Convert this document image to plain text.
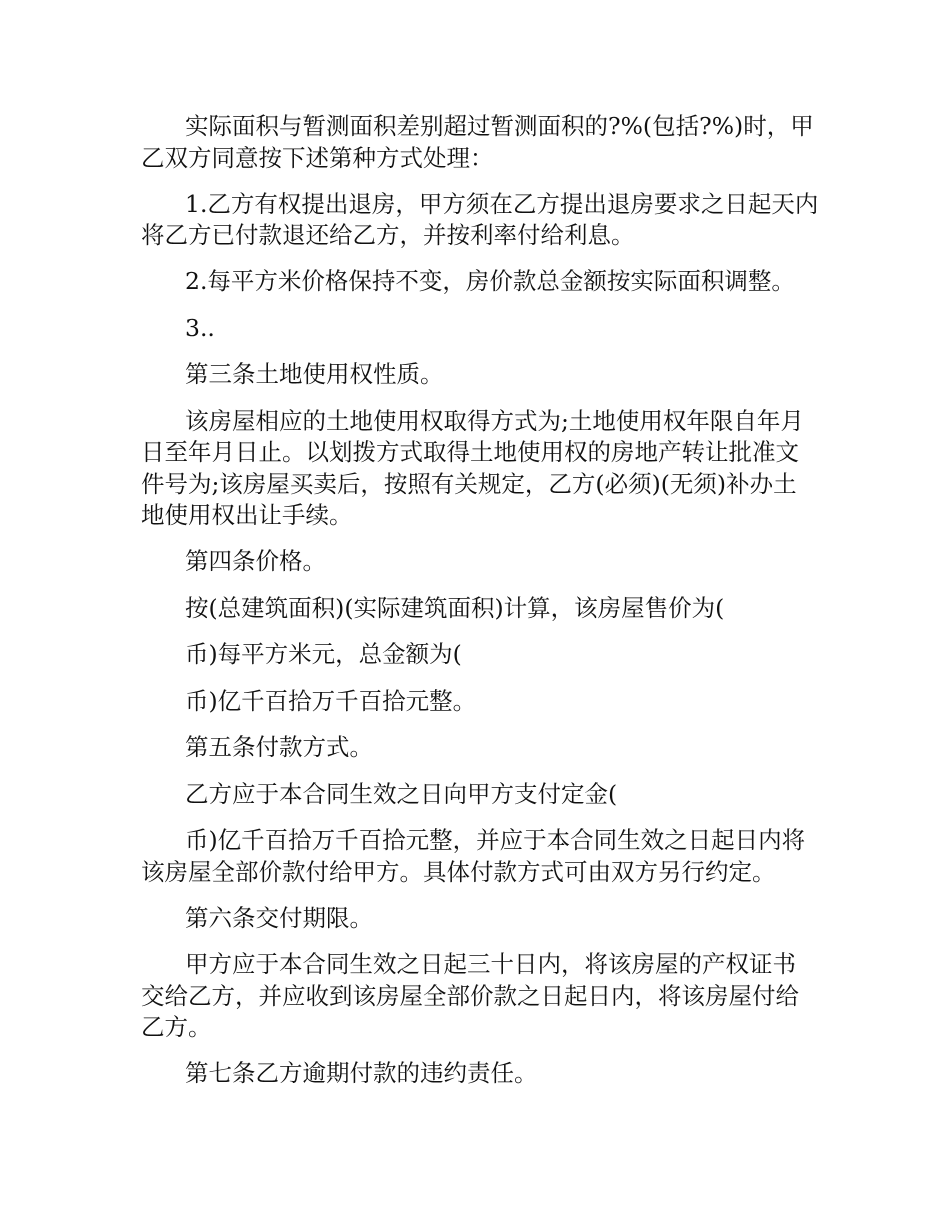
实际面积与暂测面积差别超过暂测面积的?%(包括?%)时，甲乙双方同意按下述第种方式处理：

1.乙方有权提出退房，甲方须在乙方提出退房要求之日起天内将乙方已付款退还给乙方，并按利率付给利息。

2.每平方米价格保持不变，房价款总金额按实际面积调整。

3..

第三条土地使用权性质。

该房屋相应的土地使用权取得方式为;土地使用权年限自年月日至年月日止。以划拨方式取得土地使用权的房地产转让批准文件号为;该房屋买卖后，按照有关规定，乙方(必须)(无须)补办土地使用权出让手续。

第四条价格。

按(总建筑面积)(实际建筑面积)计算，该房屋售价为(

币)每平方米元，总金额为(

币)亿千百拾万千百拾元整。

第五条付款方式。

乙方应于本合同生效之日向甲方支付定金(

币)亿千百拾万千百拾元整，并应于本合同生效之日起日内将该房屋全部价款付给甲方。具体付款方式可由双方另行约定。

第六条交付期限。

甲方应于本合同生效之日起三十日内，将该房屋的产权证书交给乙方，并应收到该房屋全部价款之日起日内，将该房屋付给乙方。

第七条乙方逾期付款的违约责任。
